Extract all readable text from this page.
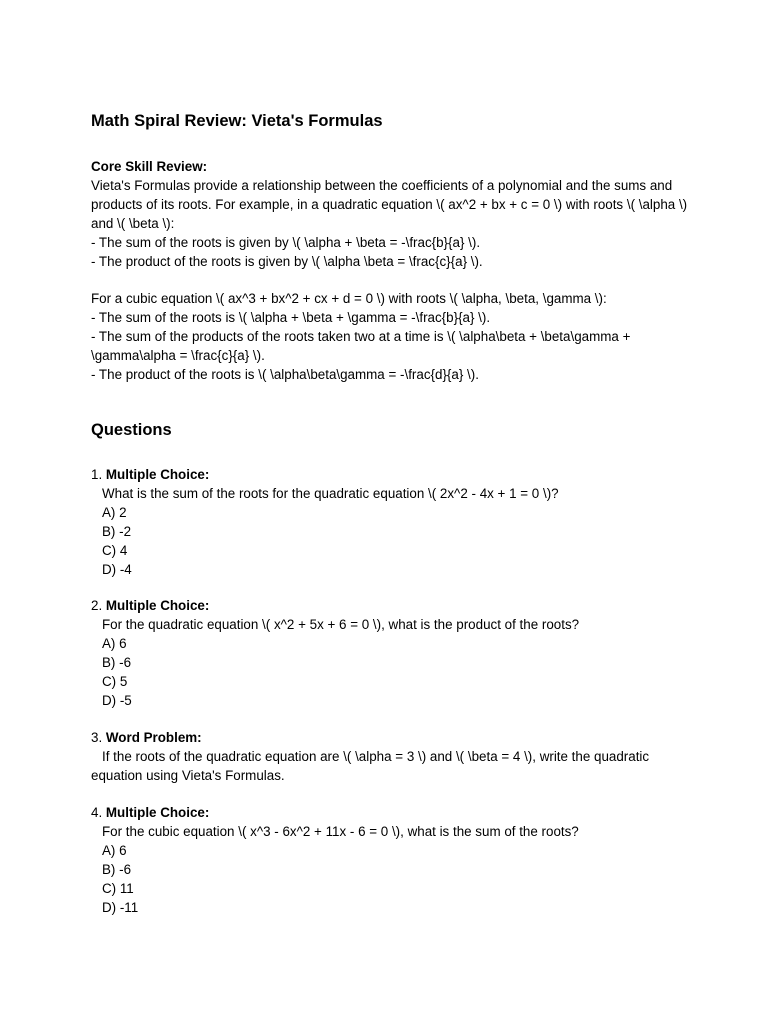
Math Spiral Review: Vieta's Formulas
Core Skill Review:
Vieta's Formulas provide a relationship between the coefficients of a polynomial and the sums and products of its roots. For example, in a quadratic equation \( ax^2 + bx + c = 0 \) with roots \( \alpha \) and \( \beta \):
- The sum of the roots is given by \( \alpha + \beta = -\frac{b}{a} \).
- The product of the roots is given by \( \alpha \beta = \frac{c}{a} \).
For a cubic equation \( ax^3 + bx^2 + cx + d = 0 \) with roots \( \alpha, \beta, \gamma \):
- The sum of the roots is \( \alpha + \beta + \gamma = -\frac{b}{a} \).
- The sum of the products of the roots taken two at a time is \( \alpha\beta + \beta\gamma + \gamma\alpha = \frac{c}{a} \).
- The product of the roots is \( \alpha\beta\gamma = -\frac{d}{a} \).
Questions
1. Multiple Choice:
What is the sum of the roots for the quadratic equation \( 2x^2 - 4x + 1 = 0 \)?
A) 2
B) -2
C) 4
D) -4
2. Multiple Choice:
For the quadratic equation \( x^2 + 5x + 6 = 0 \), what is the product of the roots?
A) 6
B) -6
C) 5
D) -5
3. Word Problem:
If the roots of the quadratic equation are \( \alpha = 3 \) and \( \beta = 4 \), write the quadratic equation using Vieta's Formulas.
4. Multiple Choice:
For the cubic equation \( x^3 - 6x^2 + 11x - 6 = 0 \), what is the sum of the roots?
A) 6
B) -6
C) 11
D) -11
